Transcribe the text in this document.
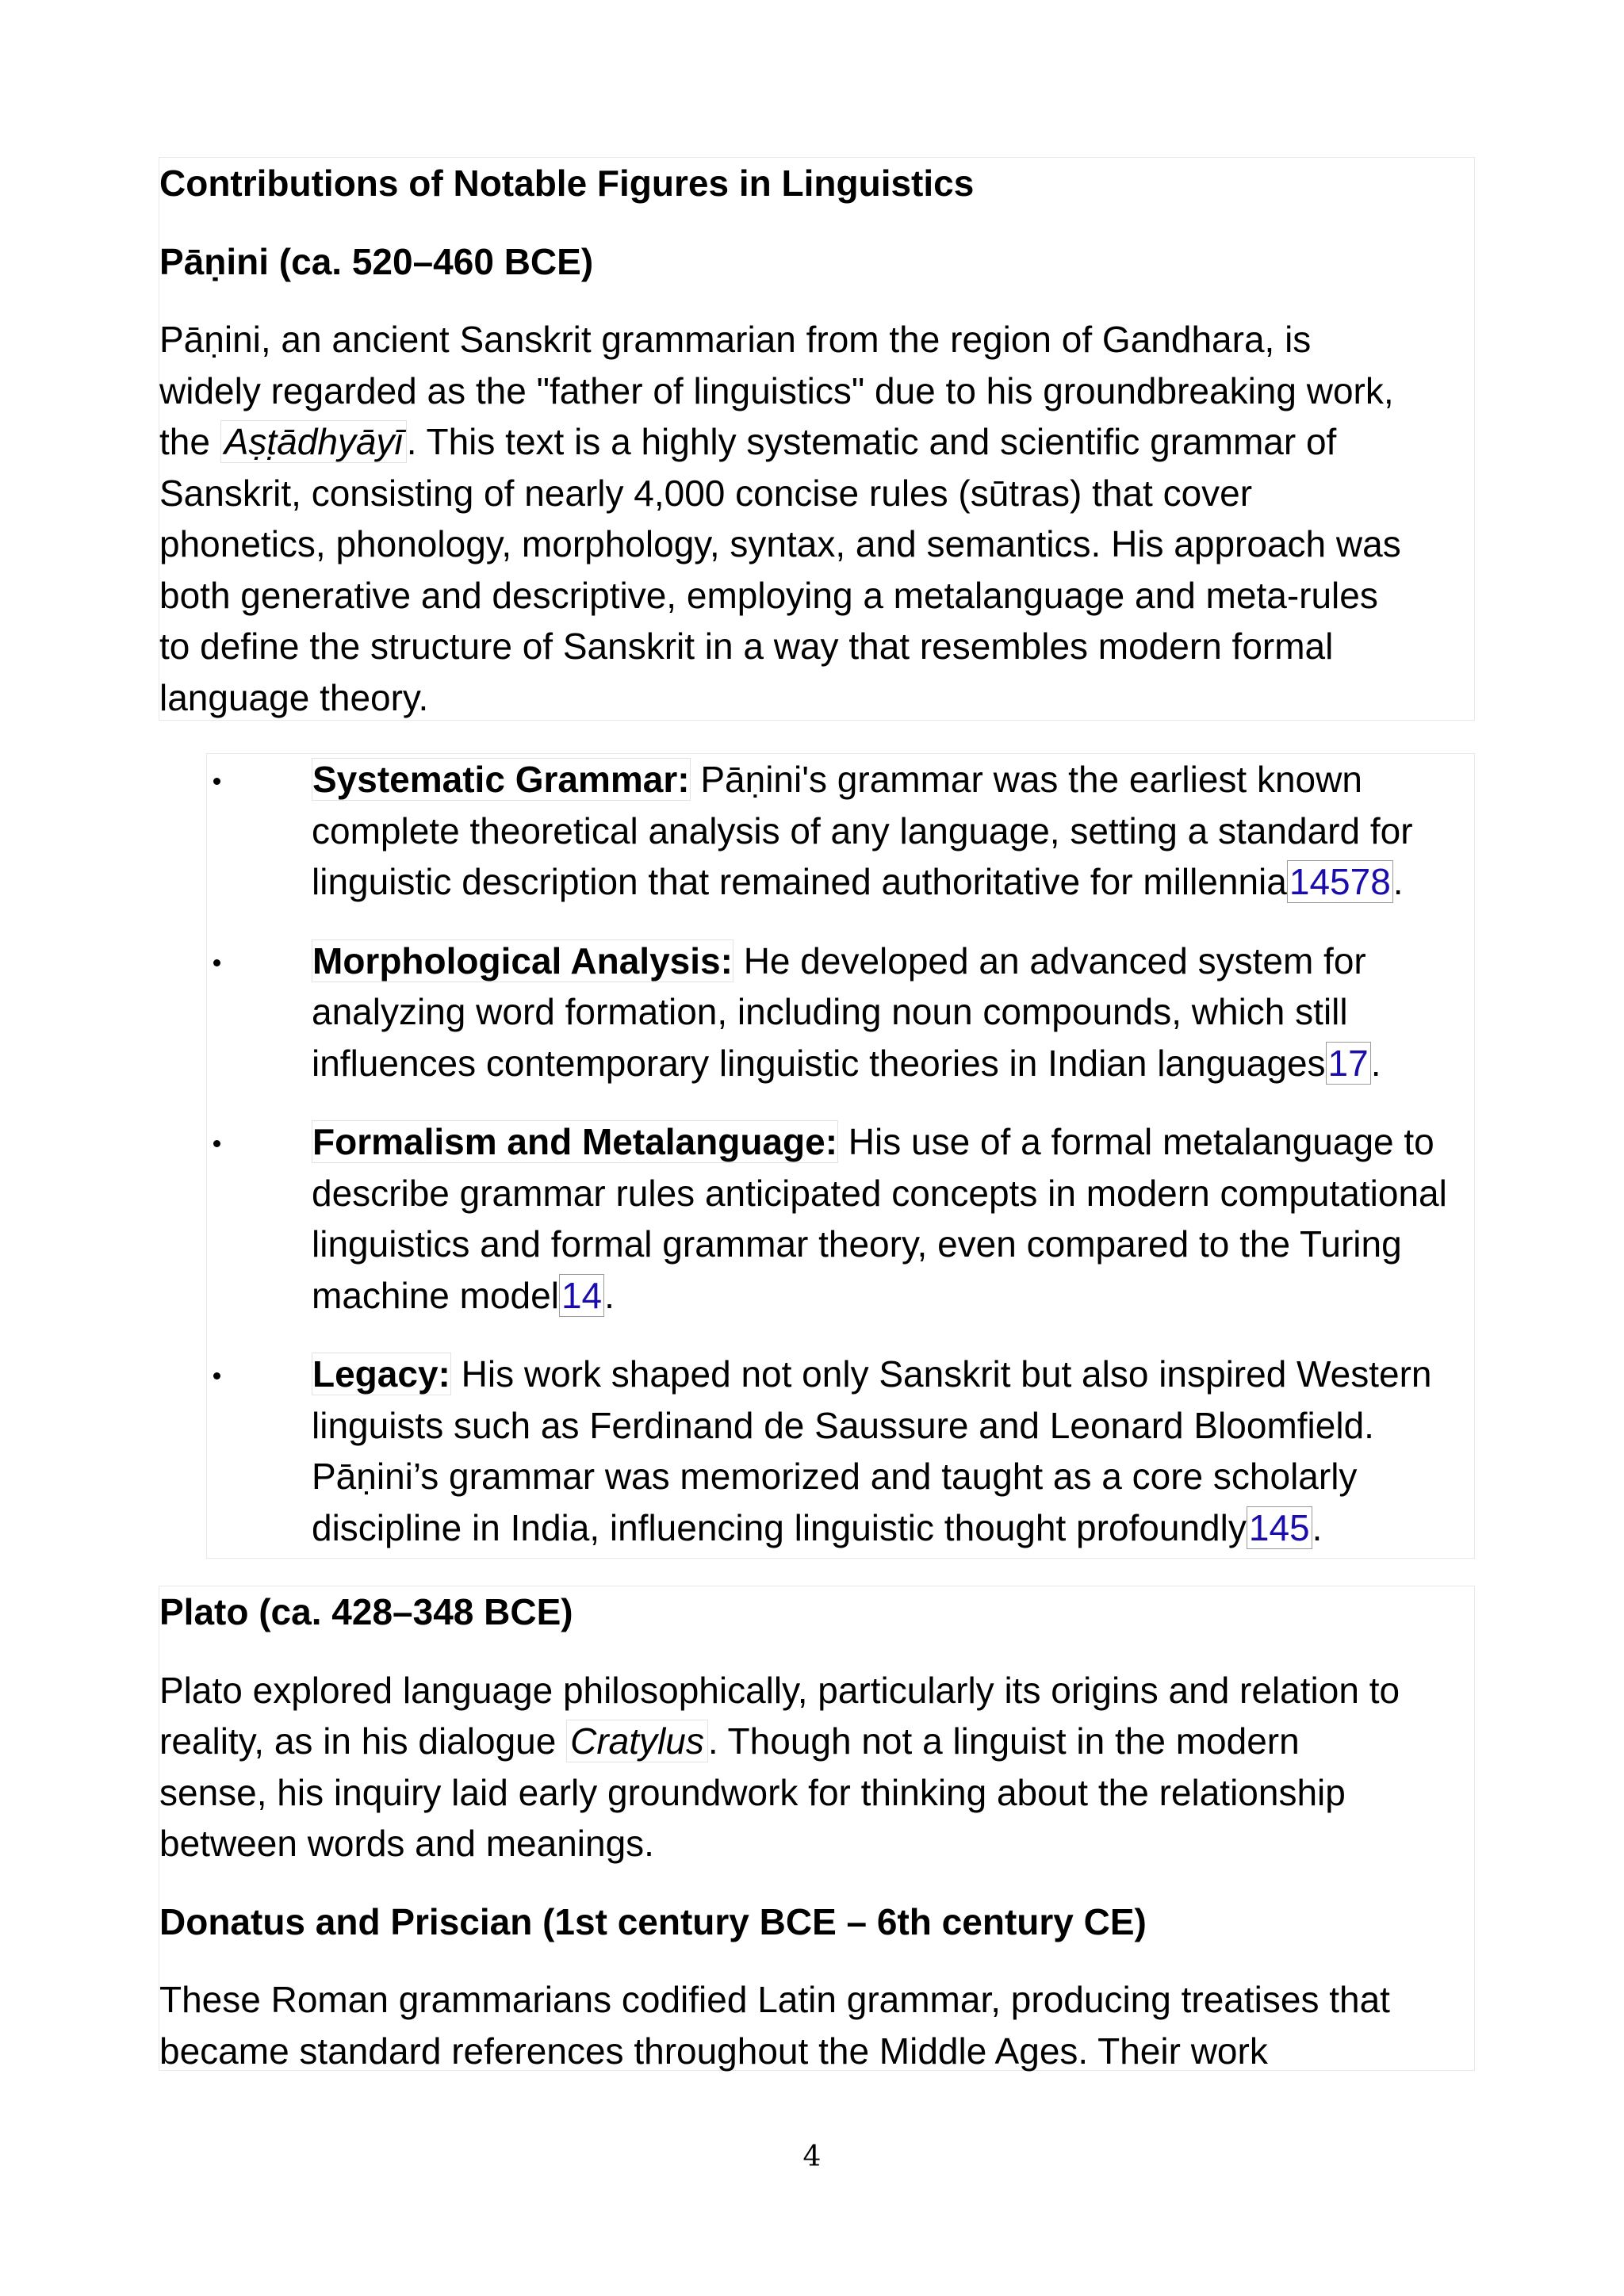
Contributions of Notable Figures in Linguistics
Pāṇini (ca. 520–460 BCE)
Pāṇini, an ancient Sanskrit grammarian from the region of Gandhara, is
widely regarded as the "father of linguistics" due to his groundbreaking work,
the Aṣṭādhyāyī . This text is a highly systematic and scientific grammar of
Sanskrit, consisting of nearly 4,000 concise rules (sūtras) that cover
phonetics, phonology, morphology, syntax, and semantics. His approach was
both generative and descriptive, employing a metalanguage and meta-rules
to define the structure of Sanskrit in a way that resembles modern formal
language theory.
Systematic Grammar: Pāṇini's grammar was the earliest known
complete theoretical analysis of any language, setting a standard for
linguistic description that remained authoritative for millennia14578.
Morphological Analysis: He developed an advanced system for
analyzing word formation, including noun compounds, which still
influences contemporary linguistic theories in Indian languages17.
Formalism and Metalanguage: His use of a formal metalanguage to
describe grammar rules anticipated concepts in modern computational
linguistics and formal grammar theory, even compared to the Turing
machine model14.
Legacy: His work shaped not only Sanskrit but also inspired Western
linguists such as Ferdinand de Saussure and Leonard Bloomfield.
Pāṇini’s grammar was memorized and taught as a core scholarly
discipline in India, influencing linguistic thought profoundly145.
Plato (ca. 428–348 BCE)
Plato explored language philosophically, particularly its origins and relation to
reality, as in his dialogue Cratylus . Though not a linguist in the modern
sense, his inquiry laid early groundwork for thinking about the relationship
between words and meanings.
Donatus and Priscian (1st century BCE – 6th century CE)
These Roman grammarians codified Latin grammar, producing treatises that
became standard references throughout the Middle Ages. Their work
4
